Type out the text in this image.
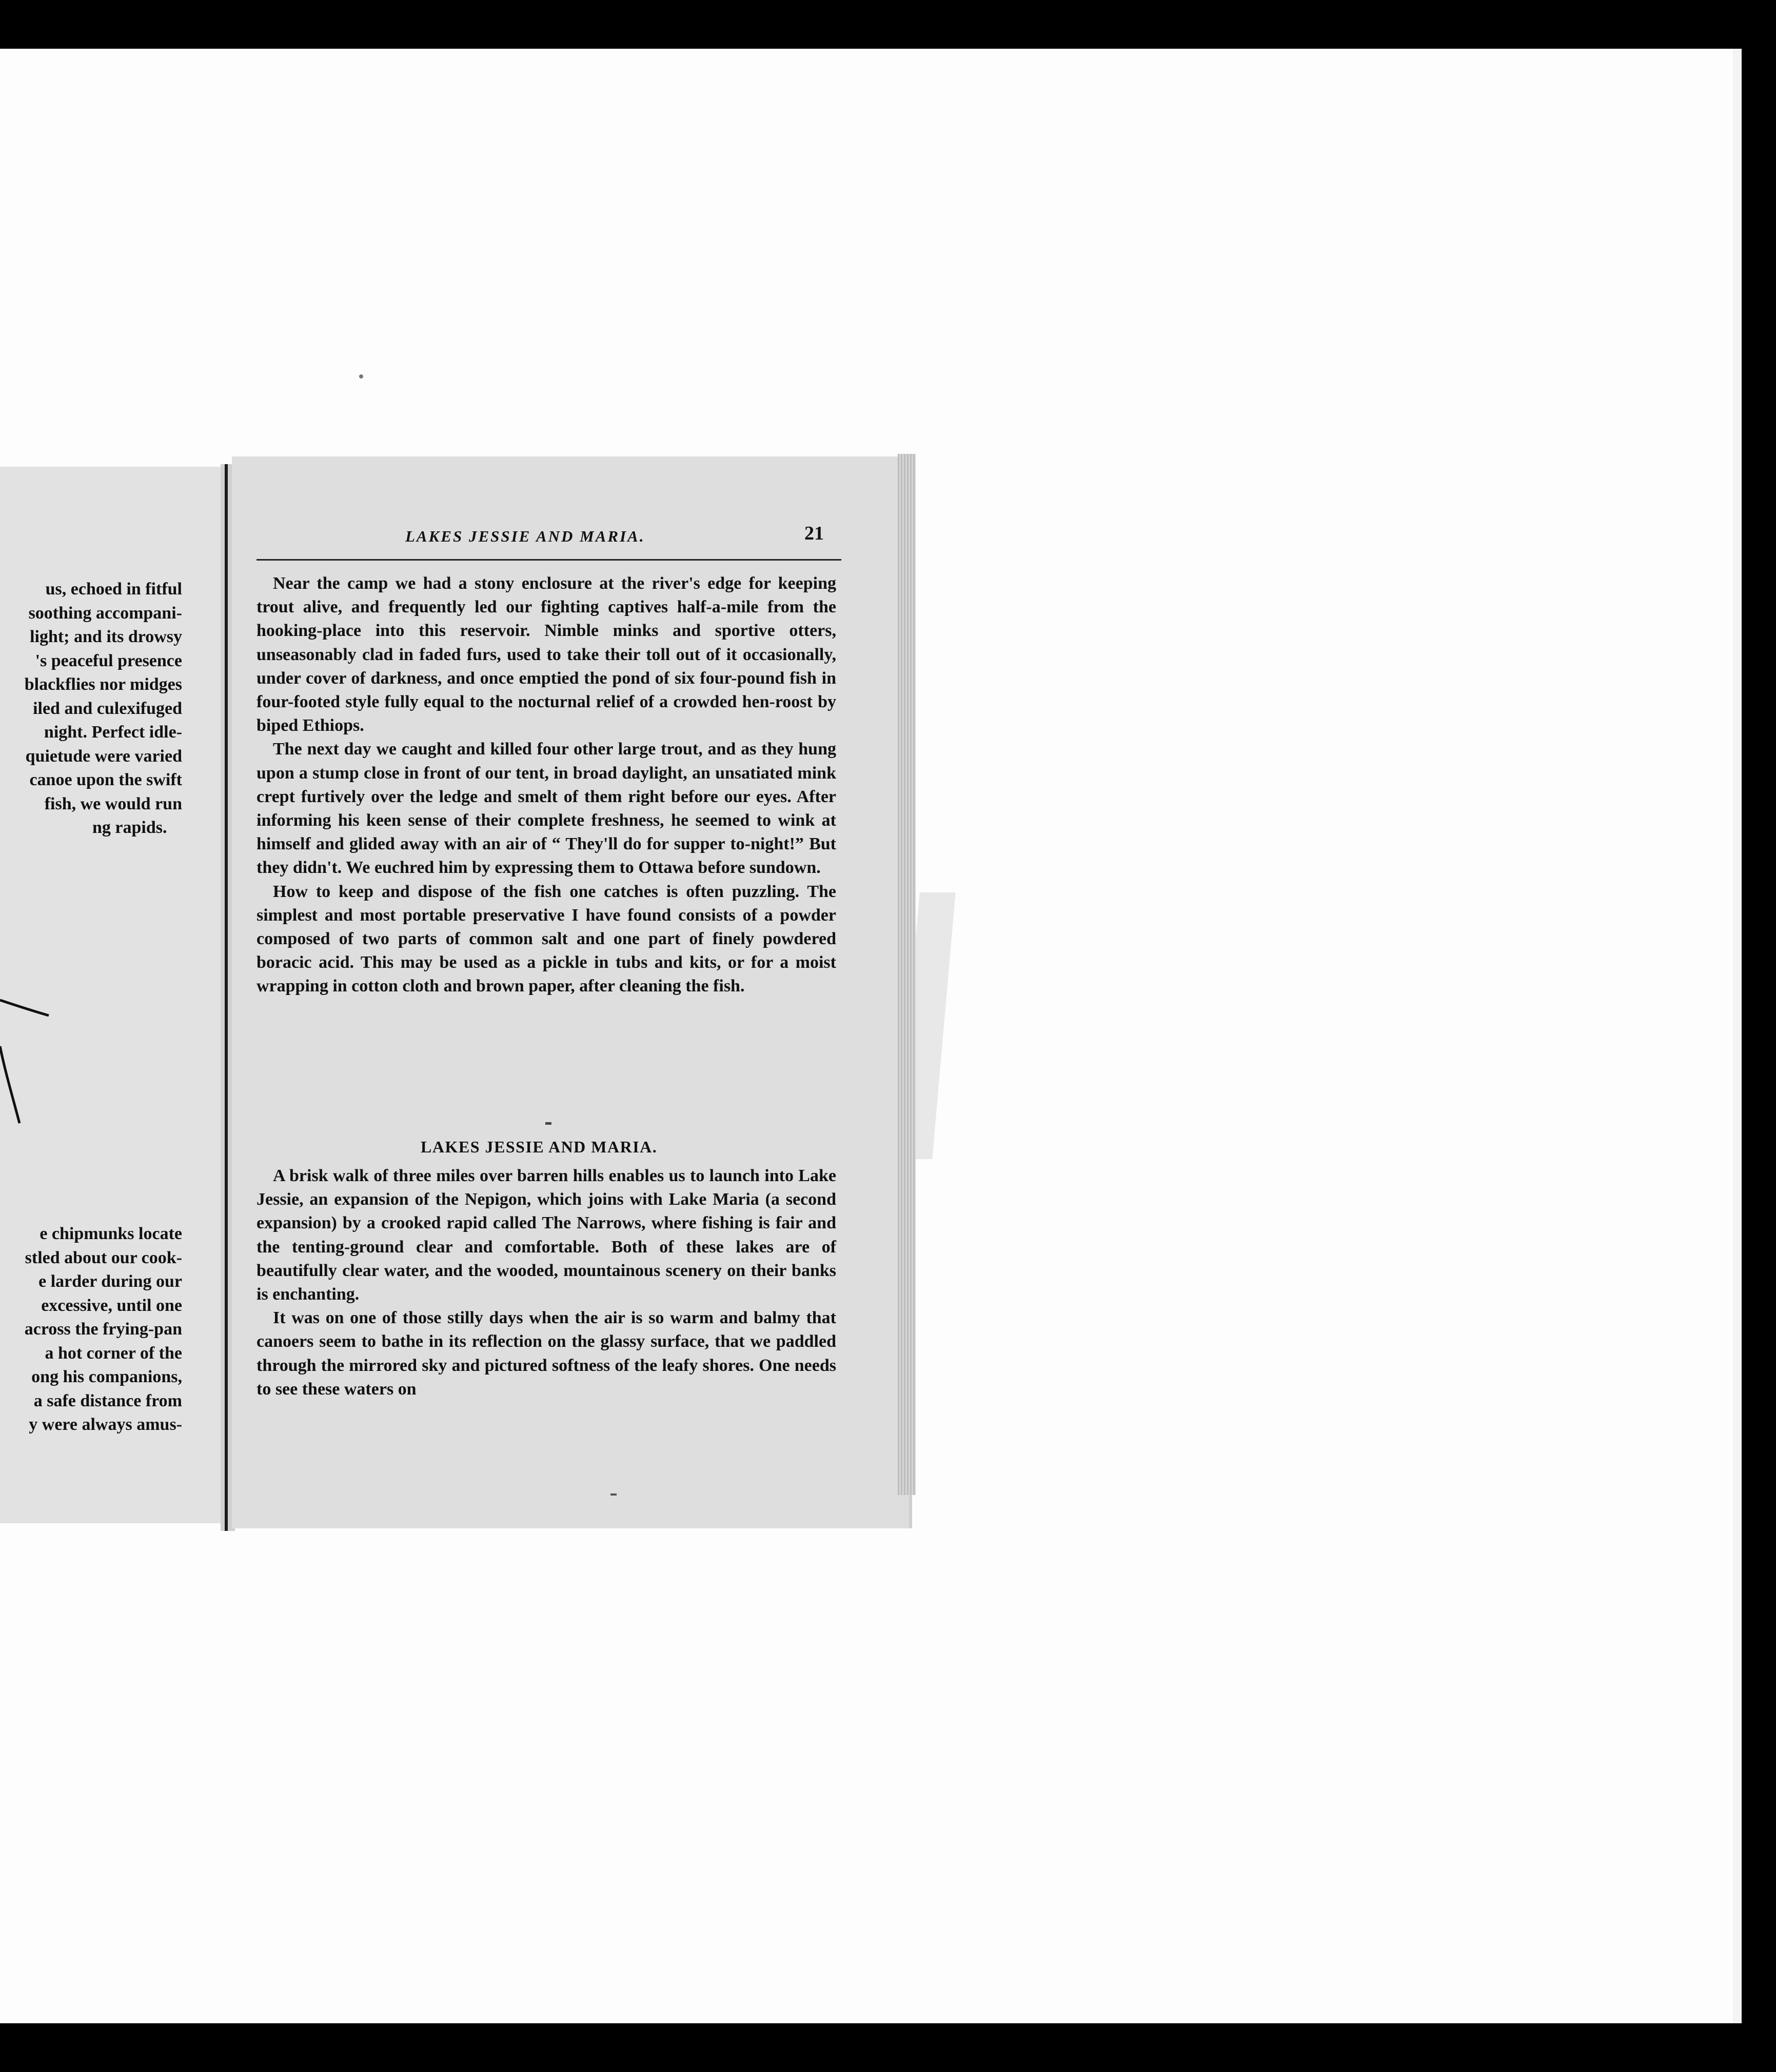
us, echoed in fitful
soothing accompani-
light; and its drowsy
's peaceful presence
blackflies nor midges
iled and culexifuged
night. Perfect idle-
quietude were varied
canoe upon the swift
fish, we would run
ng rapids.
e chipmunks locate
stled about our cook-
e larder during our
excessive, until one
across the frying-pan
a hot corner of the
ong his companions,
a safe distance from
y were always amus-
LAKES JESSIE AND MARIA.	21

Near the camp we had a stony enclosure at the river's edge for keeping trout alive, and frequently led our fighting captives half-a-mile from the hooking-place into this reservoir. Nimble minks and sportive otters, unseasonably clad in faded furs, used to take their toll out of it occasionally, under cover of darkness, and once emptied the pond of six four-pound fish in four-footed style fully equal to the nocturnal relief of a crowded hen-roost by biped Ethiops.

The next day we caught and killed four other large trout, and as they hung upon a stump close in front of our tent, in broad daylight, an unsatiated mink crept furtively over the ledge and smelt of them right before our eyes. After informing his keen sense of their complete freshness, he seemed to wink at himself and glided away with an air of “ They'll do for supper to-night!” But they didn't. We euchred him by expressing them to Ottawa before sundown.

How to keep and dispose of the fish one catches is often puzzling. The simplest and most portable preservative I have found consists of a powder composed of two parts of common salt and one part of finely powdered boracic acid. This may be used as a pickle in tubs and kits, or for a moist wrapping in cotton cloth and brown paper, after cleaning the fish.

LAKES JESSIE AND MARIA.

A brisk walk of three miles over barren hills enables us to launch into Lake Jessie, an expansion of the Nepigon, which joins with Lake Maria (a second expansion) by a crooked rapid called The Narrows, where fishing is fair and the tenting-ground clear and comfortable. Both of these lakes are of beautifully clear water, and the wooded, mountainous scenery on their banks is enchanting.

It was on one of those stilly days when the air is so warm and balmy that canoers seem to bathe in its reflection on the glassy surface, that we paddled through the mirrored sky and pictured softness of the leafy shores. One needs to see these waters on
